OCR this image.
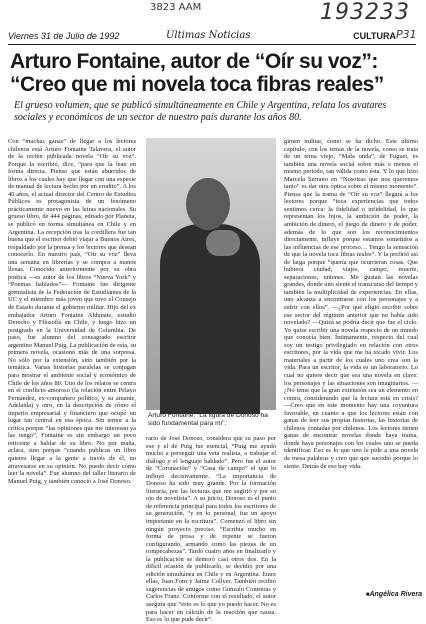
3823 AAM	193233
P31
Viernes 31 de Julio de 1992	Ultimas Noticias	CULTURA
Arturo Fontaine, autor de “Oír su voz”: “Creo que mi novela toca fibras reales”
El grueso volumen, que se publicó simultáneamente en Chile y Argentina, relata los avatares sociales y económicos de un sector de nuestro país durante los años 80.
Con “muchas ganas” de llegar a los lectores chilenos está Arturo Fontaine Talavera, el autor de la recién publicada novela “Oír su voz”. Porque la escribió, dice, “para que la lean en forma directa. Pienso que están aburridos de libros a los cuales hay que llegar con una especie de manual de lectura hecho por un erudito”. A los 40 años, el actual director del Centro de Estudios Públicos es protagonista de un fenómeno prácticamente nuevo en las letras nacionales. Su grueso libro, de 444 páginas, editado por Planeta, se publicó en forma simultánea en Chile y en Argentina. La recepción tras la cordillera fue tan buena que el escritor debió viajar a Buenos Aires, respaldado por la prensa y los lectores que desean conocerlo. En nuestro país, “Oír su voz” lleva una semana en librerías y se compra a manos llenas. Conocido anteriormente por su obra poética —es autor de los libros “Nueva York” y “Poemas hablados”— Fontaine fue dirigente gremialista de la Federación de Estudiantes de la UC y el miembro más joven que tuvo el Consejo de Estado durante el gobierno militar. Hijo del ex embajador Arturo Fontaine Aldunate, estudió Derecho y Filosofía en Chile, y luego hizo un postgrado en la Universidad de Columbia. De paso, fue alumno del consagrado escritor argentino Manuel Puig. La publicación de esta, su primera novela, ocasionó más de una sorpresa. No sólo por la extensión, sino también por la temática. Varias historias paralelas se conjugan para mostrar el ambiente social y económico de Chile de los años 80. Uno de los relatos se centra en el conflicto amoroso (la relación entre Pelayo Fernández, ex-compañero político, y su amante, Adelaida) y otro, en la descripción de cómo el imperio empresarial y financiero que ocupó un lugar tan central en esa época. Sin temor a la crítica porque “las opiniones que me interesan ya las tengo”, Fontaine es sin embargo un poco reticente a hablar de su libro. No por maña, aclara, sino porque “cuando publicas un libro quieres llegar a la gente a través de él, no atravesarse en su opinión. No puedo decir cómo leer la novela”. Fue alumno del taller literario de Manuel Puig, y también conoció a José Donoso.
Arturo Fontaine: “La figura de Donoso ha sido fundamental para mí”.
rario de José Donoso, considera que su paso por ese y el de Puig fue esencial, “Puig me ayudó mucho a perseguir una veta realista, a trabajar el diálogo y el lenguaje hablado”. Pero fue el autor de “Coronación” y “Casa de campo” el que lo influyó decisivamente. “La importancia de Donoso ha sido muy grande. Por la formación literaria, por las lecturas que me sugirió y por su ojo de novelista”. A su juicio, Donoso es el punto de referencia principal para todos los escritores de su generación, “y en lo personal, fue un apoyo importante en la escritura”. Comenzó el libro sin ningún proyecto preciso. “Escribía mucho en forma de prosa y de repente se fueron configurando, armando como las piezas de un rompecabezas”. Tardó cuatro años en finalizarlo y la publicación se demoró casi otros dos. En la difícil ocasión de publicarlo, se decidió por una edición simultánea en Chile y en Argentina. Entre ellas, Juan Forn y Jaime Collyer. También recibió sugerencias de amigos como Gonzalo Contreras y Carlos Franz. Conforme con el resultado, el autor asegura que “esto es lo que yo puedo hacer. No es para hacer un cálculo de la reacción que causa. Eso es lo que pude decir”.
gimen militar, como se ha dicho. Este último capítulo, con los temas de la novela, como se trata de un tema viejo, “Mala onda”, de Fuguet, es también una novela social sobre más o menos el mismo periodo, tan válida como ésta. Y lo que hizo Marcela Serrano en “Nosotras que nos queremos tanto” es dar otra óptica sobre el mismo momento”. Piensa que la trama de “Oír su voz” llegará a los lectores porque “toca experiencias que todos sentimos cerca: la fidelidad o infidelidad, lo que representan los hijos, la ambición de poder, la ambición de dinero, el juego de dinero y de poder, además de lo que son los reconocimientos directamente, influye porque estamos sometidos a las influencias de ese proceso… Tengo la sensación de que la novela toca fibras reales”. Y la prefirió así de larga porque “quería que ocurrieran cosas. Que hubiera ciudad, viajes, campo, muerte, separaciones, uniones. Me gustan las novelas grandes, donde uno siente el transcurso del tiempo y también la multiplicidad de experiencias. En ellas, uno alcanza a encontrarse con los personajes y a sufrir con ellos”. —¿Por qué eligió escribir sobre ese sector del régimen anterior que no había sido novelado? —Quizá se podría decir que fue el ciclo. Yo quise escribir una novela respecto de un mundo que conocía bien. Íntimamente, respecto del cual soy un testigo privilegiado en relación con otros escritores, por la vida que me ha tocado vivir. Los materiales a partir de los cuales uno crea son la vida. Para un escritor, la vida es un laboratorio. Lo cual no quiere decir que sea una novela en clave: los personajes y las situaciones son imaginarios. —¿No teme que la gran extensión sea un elemento en contra, considerando que la lectura está en crisis? —Creo que en este momento hay una coyuntura favorable, en cuanto a que los lectores están con ganas de leer sus propias historias, las historias de chilenos contadas por chilenos. Los lectores tienen ganas de encontrar novelas donde haya trama, donde haya personajes con los cuales uno se pueda identificar. Eso es lo que uno le pide a una novela de mesa palabras y creo que que sucedió porque lo siente. Detrás de eso hay vida.
■ Angélica Rivera
